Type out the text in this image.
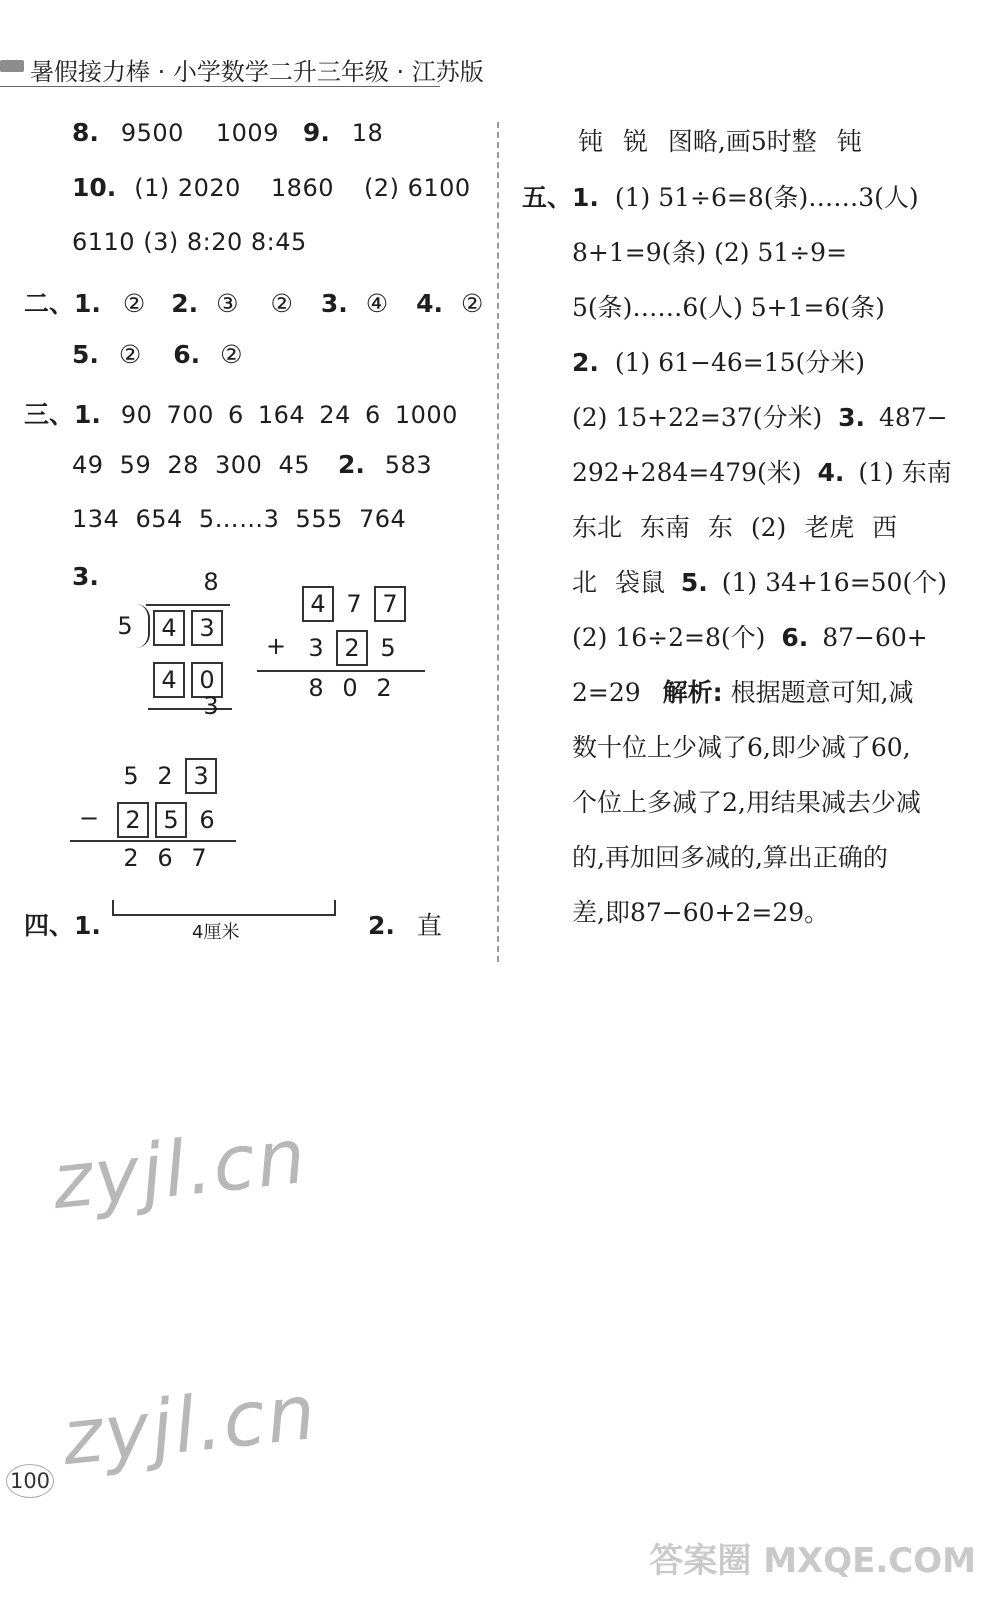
暑假接力棒 · 小学数学二升三年级 · 江苏版
8. 9500 1009 9. 18
10. (1) 2020 1860 (2) 6100
6110 (3) 8:20 8:45
二、1. ② 2. ③ ② 3. ④ 4. ②
5. ② 6. ②
三、1. 90 700 6 164 24 6 1000
49 59 28 300 45 2. 583
134 654 5……3 555 764
3.	8
5	4 3
4 0
3
4 7 7
+ 3 2 5
8 0 2
5 2 3
−	2 5 6
2 6 7
四、1.	4厘米	2. 直
钝 锐 图略,画5时整 钝
五、1. (1) 51÷6=8(条)……3(人)
8+1=9(条) (2) 51÷9=
5(条)……6(人) 5+1=6(条)
2. (1) 61−46=15(分米)
(2) 15+22=37(分米) 3. 487−
292+284=479(米) 4. (1) 东南
东北 东南 东 (2) 老虎 西
北 袋鼠 5. (1) 34+16=50(个)
(2) 16÷2=8(个) 6. 87−60+
2=29 解析: 根据题意可知,减
数十位上少减了6,即少减了60,
个位上多减了2,用结果减去少减
的,再加回多减的,算出正确的
差,即87−60+2=29。
zyjl.cn
zyjl.cn
100
答案圈 MXQE.COM
